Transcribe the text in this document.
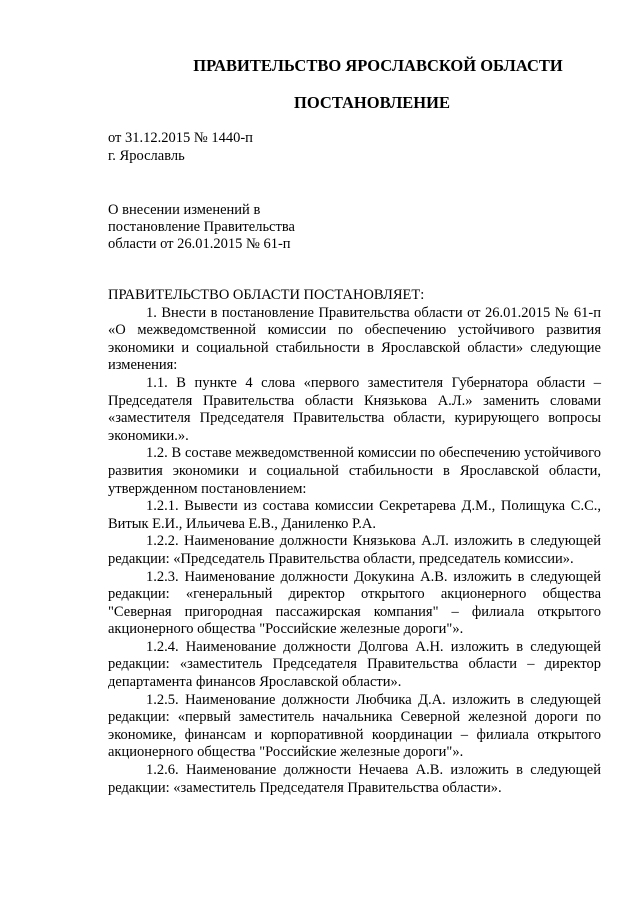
ПРАВИТЕЛЬСТВО ЯРОСЛАВСКОЙ ОБЛАСТИ
ПОСТАНОВЛЕНИЕ
от 31.12.2015 № 1440-п
г. Ярославль
О внесении изменений в
постановление Правительства
области от 26.01.2015 № 61-п

ПРАВИТЕЛЬСТВО ОБЛАСТИ ПОСТАНОВЛЯЕТ:

1. Внести в постановление Правительства области от 26.01.2015 № 61-п «О межведомственной комиссии по обеспечению устойчивого развития экономики и социальной стабильности в Ярославской области» следующие изменения:

1.1. В пункте 4 слова «первого заместителя Губернатора области – Председателя Правительства области Князькова А.Л.» заменить словами «заместителя Председателя Правительства области, курирующего вопросы экономики.».

1.2. В составе межведомственной комиссии по обеспечению устойчивого развития экономики и социальной стабильности в Ярославской области, утвержденном постановлением:

1.2.1. Вывести из состава комиссии Секретарева Д.М., Полищука С.С., Витык Е.И., Ильичева Е.В., Даниленко Р.А.

1.2.2. Наименование должности Князькова А.Л. изложить в следующей редакции: «Председатель Правительства области, председатель комиссии».

1.2.3. Наименование должности Докукина А.В. изложить в следующей редакции: «генеральный директор открытого акционерного общества "Северная пригородная пассажирская компания" – филиала открытого акционерного общества "Российские железные дороги"».

1.2.4. Наименование должности Долгова А.Н. изложить в следующей редакции: «заместитель Председателя Правительства области – директор департамента финансов Ярославской области».

1.2.5. Наименование должности Любчика Д.А. изложить в следующей редакции: «первый заместитель начальника Северной железной дороги по экономике, финансам и корпоративной координации – филиала открытого акционерного общества "Российские железные дороги"».

1.2.6. Наименование должности Нечаева А.В. изложить в следующей редакции: «заместитель Председателя Правительства области».
